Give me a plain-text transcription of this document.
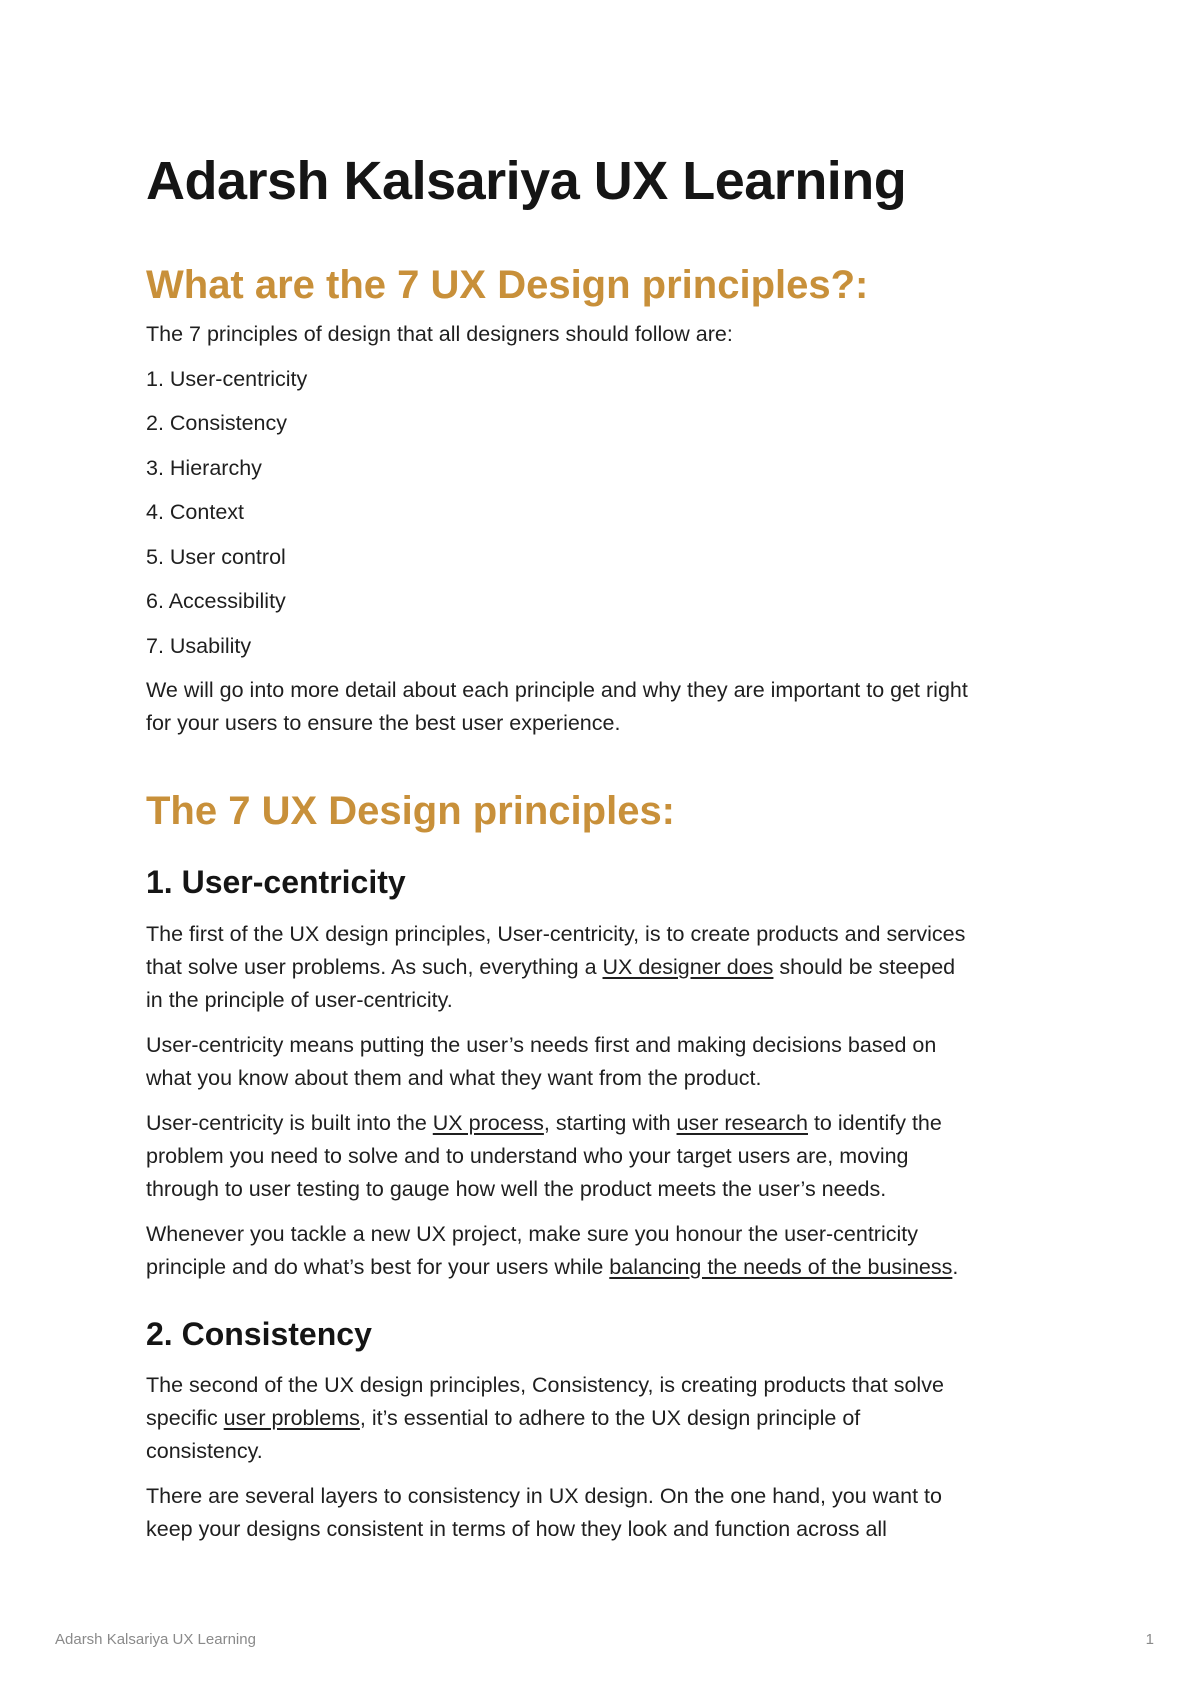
Adarsh Kalsariya UX Learning
What are the 7 UX Design principles?:

The 7 principles of design that all designers should follow are:

1. User-centricity

2. Consistency

3. Hierarchy

4. Context

5. User control

6. Accessibility

7. Usability

We will go into more detail about each principle and why they are important to get right

for your users to ensure the best user experience.

The 7 UX Design principles:
1. User-centricity

The first of the UX design principles, User-centricity, is to create products and services

that solve user problems. As such, everything a UX designer does should be steeped

in the principle of user-centricity.

User-centricity means putting the user’s needs first and making decisions based on

what you know about them and what they want from the product.

User-centricity is built into the UX process, starting with user research to identify the

problem you need to solve and to understand who your target users are, moving

through to user testing to gauge how well the product meets the user’s needs.

Whenever you tackle a new UX project, make sure you honour the user-centricity

principle and do what’s best for your users while balancing the needs of the business.

2. Consistency

The second of the UX design principles, Consistency, is creating products that solve

specific user problems, it’s essential to adhere to the UX design principle of

consistency.

There are several layers to consistency in UX design. On the one hand, you want to

keep your designs consistent in terms of how they look and function across all

Adarsh Kalsariya UX Learning	1
